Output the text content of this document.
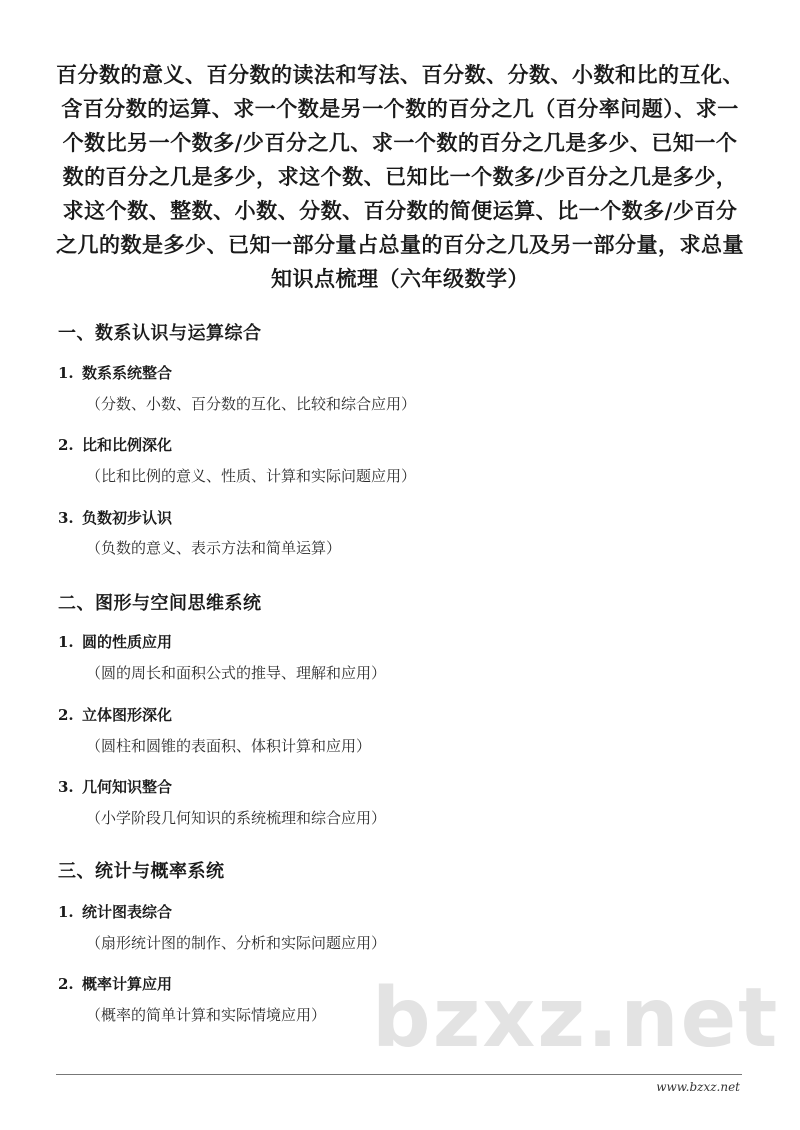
百分数的意义、百分数的读法和写法、百分数、分数、小数和比的互化、含百分数的运算、求一个数是另一个数的百分之几（百分率问题）、求一个数比另一个数多/少百分之几、求一个数的百分之几是多少、已知一个数的百分之几是多少，求这个数、已知比一个数多/少百分之几是多少，求这个数、整数、小数、分数、百分数的简便运算、比一个数多/少百分之几的数是多少、已知一部分量占总量的百分之几及另一部分量，求总量知识点梳理（六年级数学）
一、数系认识与运算综合
1. 数系系统整合
（分数、小数、百分数的互化、比较和综合应用）
2. 比和比例深化
（比和比例的意义、性质、计算和实际问题应用）
3. 负数初步认识
（负数的意义、表示方法和简单运算）
二、图形与空间思维系统
1. 圆的性质应用
（圆的周长和面积公式的推导、理解和应用）
2. 立体图形深化
（圆柱和圆锥的表面积、体积计算和应用）
3. 几何知识整合
（小学阶段几何知识的系统梳理和综合应用）
三、统计与概率系统
1. 统计图表综合
（扇形统计图的制作、分析和实际问题应用）
2. 概率计算应用
（概率的简单计算和实际情境应用） bzxz.net
www.bzxz.net
